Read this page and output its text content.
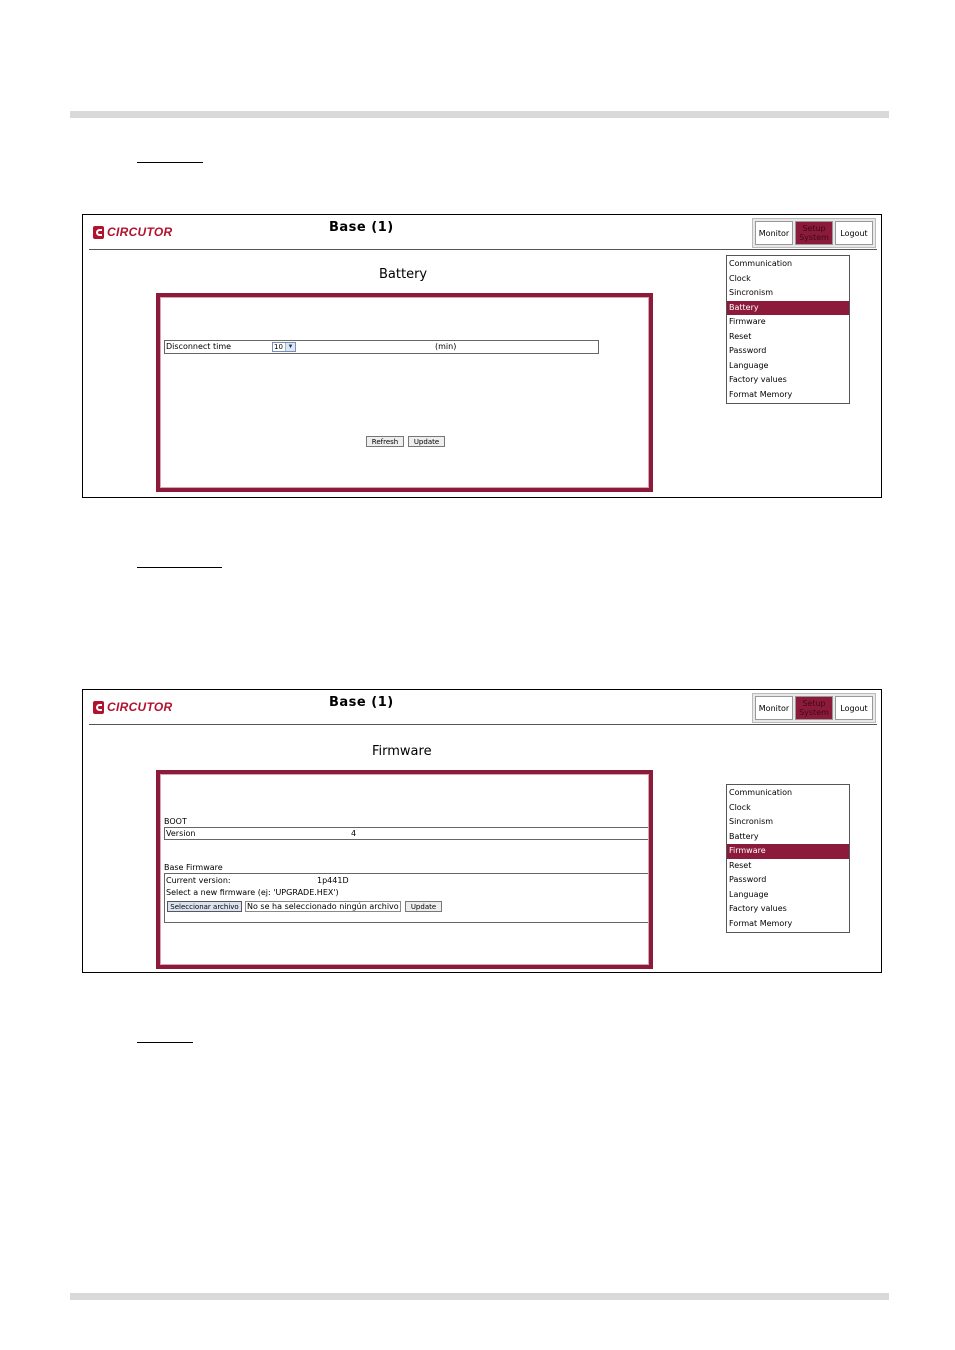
CIRCUTOR	Base (1)	Monitor	Setup System	Logout
Battery
Disconnect time	10 ▼	(min)
Refresh	Update
Communication
Clock
Sincronism
Battery
Firmware
Reset
Password
Language
Factory values
Format Memory
CIRCUTOR	Base (1)	Monitor	Setup System	Logout
Firmware
BOOT
Version	4
Base Firmware
Current version:	1p441D
Select a new firmware (ej: 'UPGRADE.HEX')
Seleccionar archivo	No se ha seleccionado ningún archivo	Update
Communication
Clock
Sincronism
Battery
Firmware
Reset
Password
Language
Factory values
Format Memory
